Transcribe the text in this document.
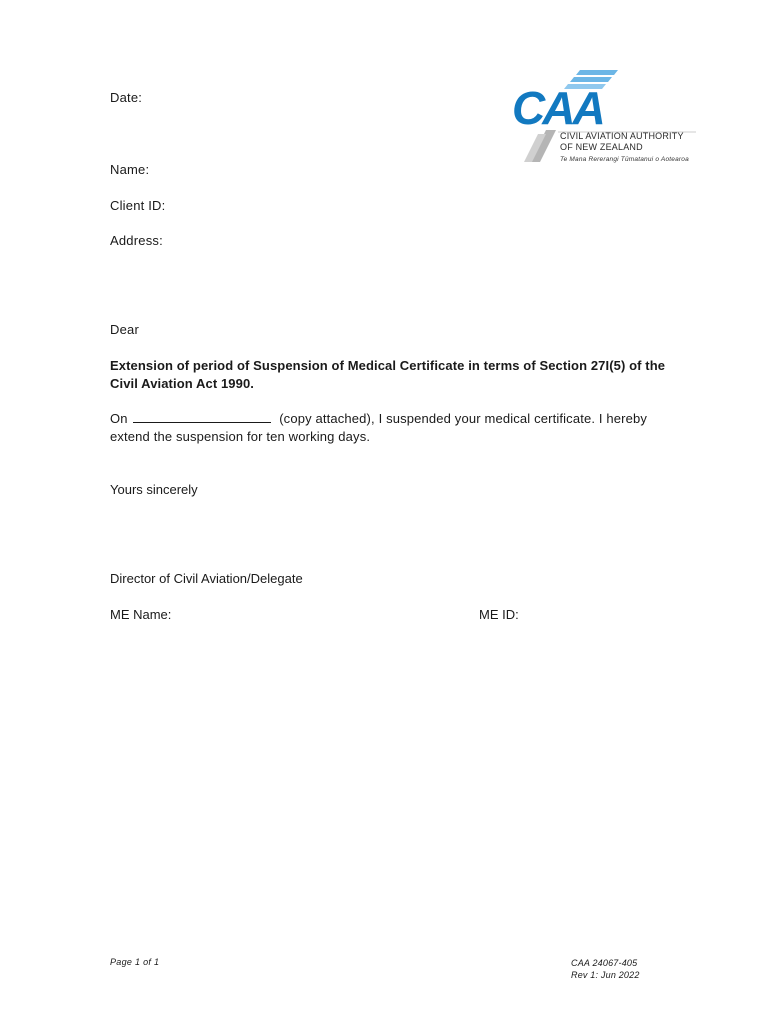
Date:
Name:
Client ID:
Address:
CAA
CIVIL AVIATION AUTHORITY
OF NEW ZEALAND
Te Mana Rererangi Tūmatanui o Aotearoa
Dear
Extension of period of Suspension of Medical Certificate in terms of Section 27I(5) of the Civil Aviation Act 1990.
On	(copy attached), I suspended your medical certificate. I hereby extend the suspension for ten working days.
Yours sincerely
Director of Civil Aviation/Delegate
ME Name:	ME ID:
Page 1 of 1	CAA 24067-405
Rev 1: Jun 2022
